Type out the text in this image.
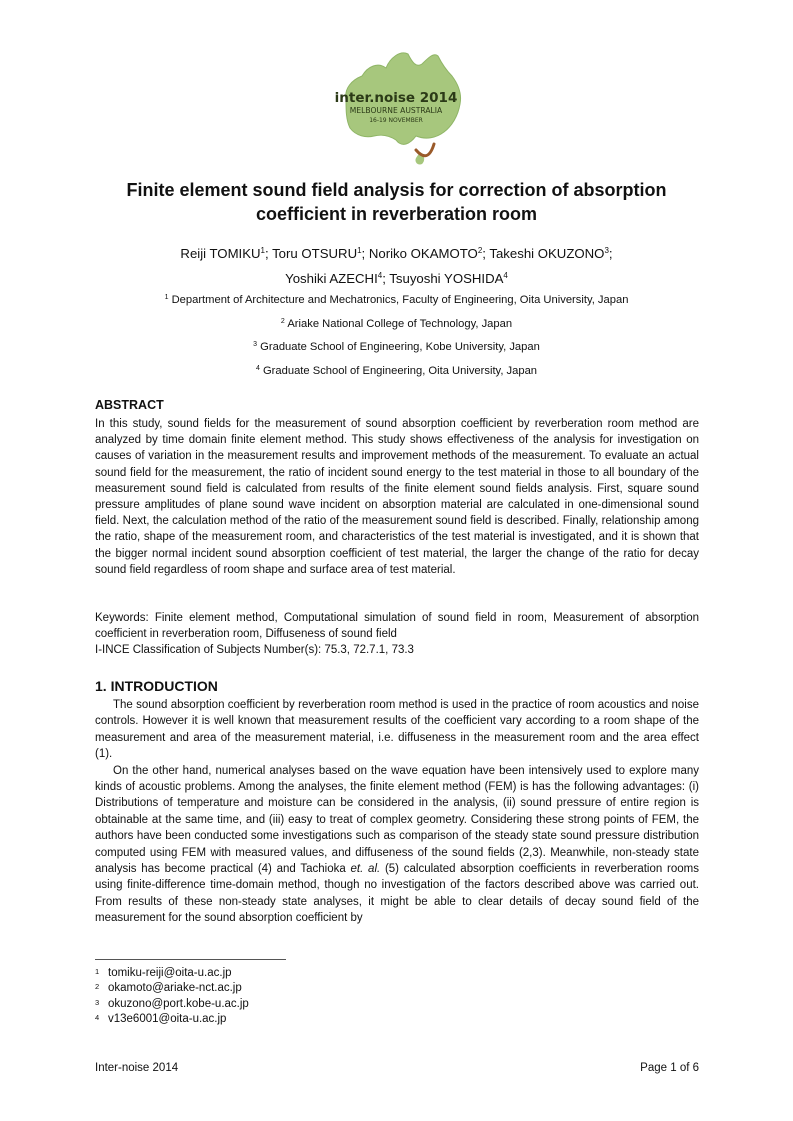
inter.noise 2014
MELBOURNE AUSTRALIA
16-19 NOVEMBER
Finite element sound field analysis for correction of absorption
coefficient in reverberation room
Reiji TOMIKU$^1$; Toru OTSURU$^1$; Noriko OKAMOTO$^2$; Takeshi OKUZONO$^3$;
Yoshiki AZECHI$^4$; Tsuyoshi YOSHIDA$^4$
$^1$ Department of Architecture and Mechatronics, Faculty of Engineering, Oita University, Japan
$^2$ Ariake National College of Technology, Japan
$^3$ Graduate School of Engineering, Kobe University, Japan
$^4$ Graduate School of Engineering, Oita University, Japan
ABSTRACT

In this study, sound fields for the measurement of sound absorption coefficient by reverberation room method are analyzed by time domain finite element method. This study shows effectiveness of the analysis for investigation on causes of variation in the measurement results and improvement methods of the measurement. To evaluate an actual sound field for the measurement, the ratio of incident sound energy to the test material in those to all boundary of the measurement sound field is calculated from results of the finite element sound fields analysis. First, square sound pressure amplitudes of plane sound wave incident on absorption material are calculated in one-dimensional sound field. Next, the calculation method of the ratio of the measurement sound field is described. Finally, relationship among the ratio, shape of the measurement room, and characteristics of the test material is investigated, and it is shown that the bigger normal incident sound absorption coefficient of test material, the larger the change of the ratio for decay sound field regardless of room shape and surface area of test material.

Keywords: Finite element method, Computational simulation of sound field in room, Measurement of absorption coefficient in reverberation room, Diffuseness of sound field

I-INCE Classification of Subjects Number(s): 75.3, 72.7.1, 73.3

1. INTRODUCTION

The sound absorption coefficient by reverberation room method is used in the practice of room acoustics and noise controls. However it is well known that measurement results of the coefficient vary according to a room shape of the measurement and area of the measurement material, i.e. diffuseness in the measurement room and the area effect (1).

On the other hand, numerical analyses based on the wave equation have been intensively used to explore many kinds of acoustic problems. Among the analyses, the finite element method (FEM) is has the following advantages: (i) Distributions of temperature and moisture can be considered in the analysis, (ii) sound pressure of entire region is obtainable at the same time, and (iii) easy to treat of complex geometry. Considering these strong points of FEM, the authors have been conducted some investigations such as comparison of the steady state sound pressure distribution computed using FEM with measured values, and diffuseness of the sound fields (2,3). Meanwhile, non-steady state analysis has become practical (4) and Tachioka et. al. (5) calculated absorption coefficients in reverberation rooms using finite-difference time-domain method, though no investigation of the factors described above was carried out. From results of these non-steady state analyses, it might be able to clear details of decay sound field of the measurement for the sound absorption coefficient by

1 tomiku-reiji@oita-u.ac.jp
2 okamoto@ariake-nct.ac.jp
3 okuzono@port.kobe-u.ac.jp
4 v13e6001@oita-u.ac.jp
Inter-noise 2014	Page 1 of 6
